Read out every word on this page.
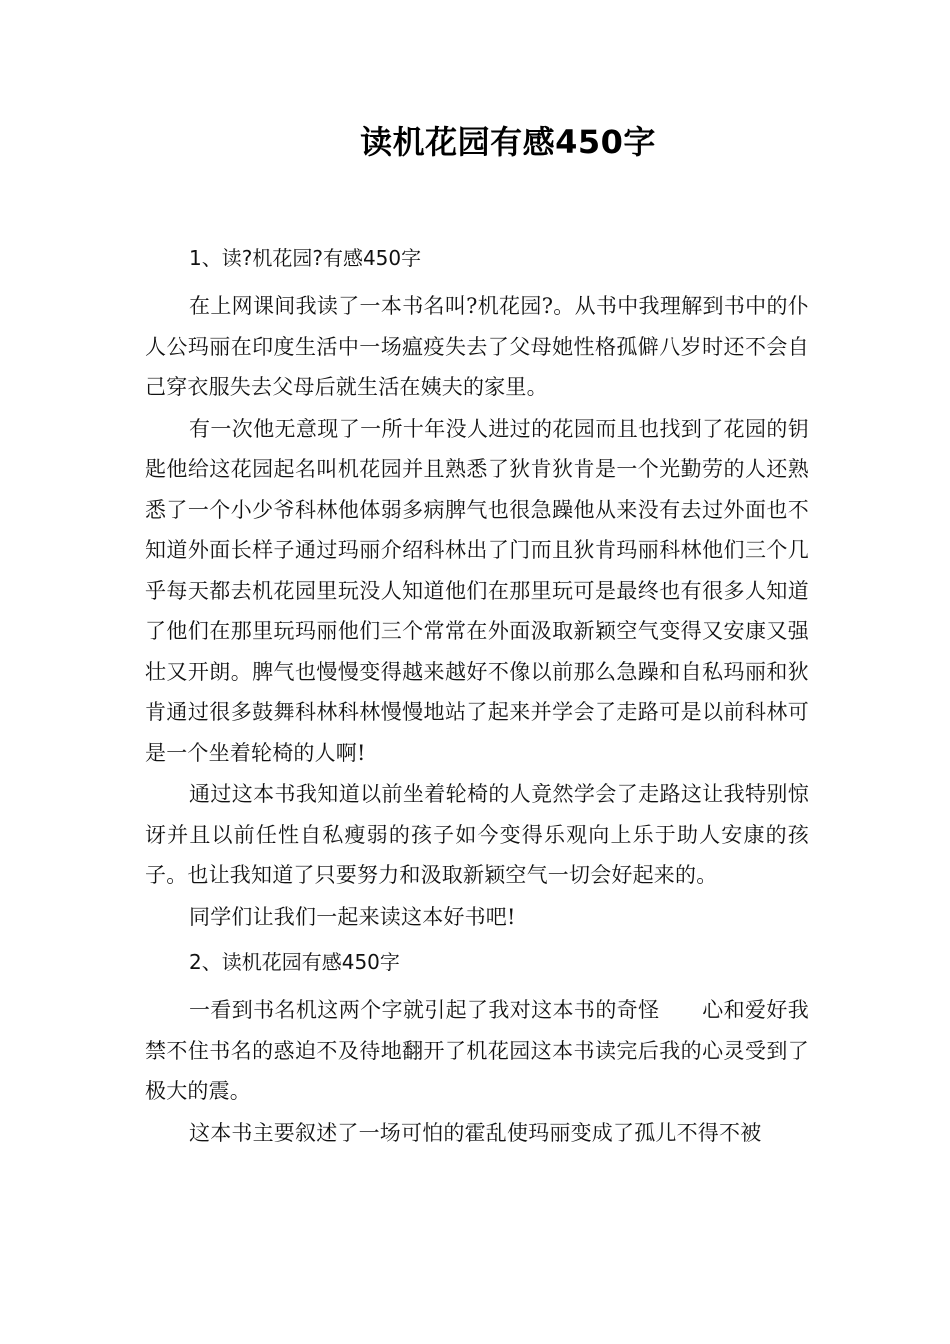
读机花园有感450字

1、读?机花园?有感450字

在上网课间我读了一本书名叫?机花园?。从书中我理解到书中的仆人公玛丽在印度生活中一场瘟疫失去了父母她性格孤僻八岁时还不会自己穿衣服失去父母后就生活在姨夫的家里。

有一次他无意现了一所十年没人进过的花园而且也找到了花园的钥匙他给这花园起名叫机花园并且熟悉了狄肯狄肯是一个光勤劳的人还熟悉了一个小少爷科林他体弱多病脾气也很急躁他从来没有去过外面也不知道外面长样子通过玛丽介绍科林出了门而且狄肯玛丽科林他们三个几乎每天都去机花园里玩没人知道他们在那里玩可是最终也有很多人知道了他们在那里玩玛丽他们三个常常在外面汲取新颖空气变得又安康又强壮又开朗。脾气也慢慢变得越来越好不像以前那么急躁和自私玛丽和狄肯通过很多鼓舞科林科林慢慢地站了起来并学会了走路可是以前科林可是一个坐着轮椅的人啊!

通过这本书我知道以前坐着轮椅的人竟然学会了走路这让我特别惊讶并且以前任性自私瘦弱的孩子如今变得乐观向上乐于助人安康的孩子。也让我知道了只要努力和汲取新颖空气一切会好起来的。

同学们让我们一起来读这本好书吧!

2、读机花园有感450字

一看到书名机这两个字就引起了我对这本书的奇怪　　心和爱好我禁不住书名的惑迫不及待地翻开了机花园这本书读完后我的心灵受到了极大的震。

这本书主要叙述了一场可怕的霍乱使玛丽变成了孤儿不得不被
